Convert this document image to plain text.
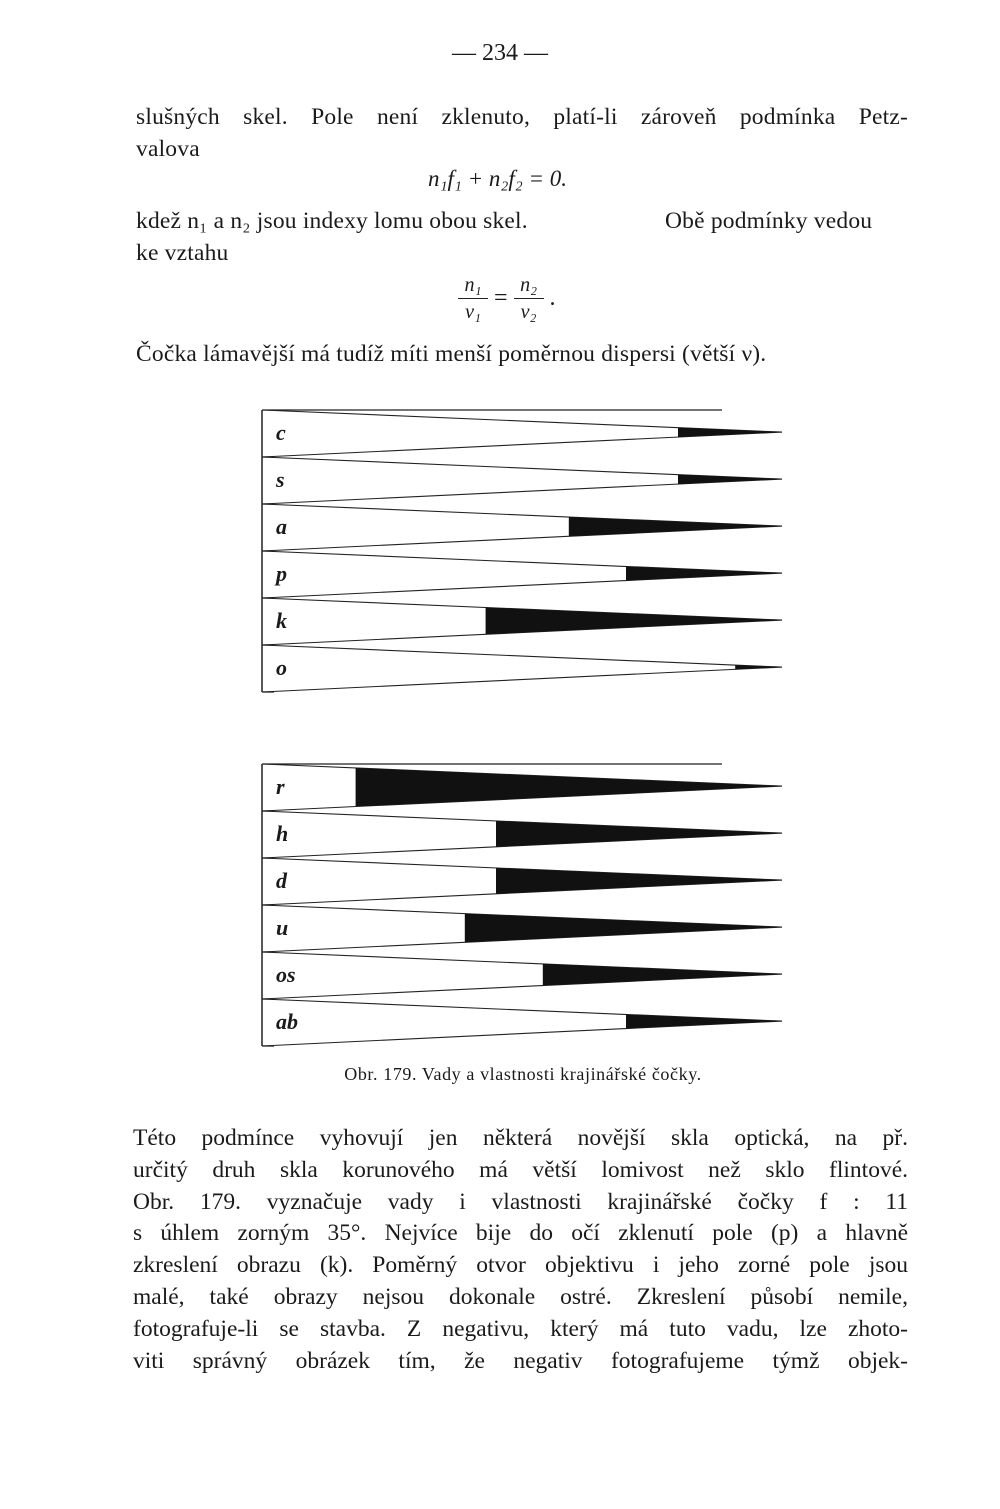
— 234 —
slušných skel. Pole není zklenuto, platí-li zároveň podmínka Petz-
valova
n₁f₁ + n₂f₂ = 0.
kdež n₁ a n₂ jsou indexy lomu obou skel.	Obě podmínky vedou
ke vztahu
$\frac{\text{n₁}}{\text{ν₁}} = \frac{\text{n₂}}{\text{ν₂}}$ .
Čočka lámavější má tudíž míti menší poměrnou dispersi (větší ν).
c
s
a
p
k
o
r
h
d
u
os
ab
Obr. 179. Vady a vlastnosti krajinářské čočky.
Této podmínce vyhovují jen některá novější skla optická, na př.
určitý druh skla korunového má větší lomivost než sklo flintové.
Obr. 179. vyznačuje vady i vlastnosti krajinářské čočky f : 11
s úhlem zorným 35°. Nejvíce bije do očí zklenutí pole (p) a hlavně
zkreslení obrazu (k). Poměrný otvor objektivu i jeho zorné pole jsou
malé, také obrazy nejsou dokonale ostré. Zkreslení působí nemile,
fotografuje-li se stavba. Z negativu, který má tuto vadu, lze zhoto-
viti správný obrázek tím, že negativ fotografujeme týmž objek-
